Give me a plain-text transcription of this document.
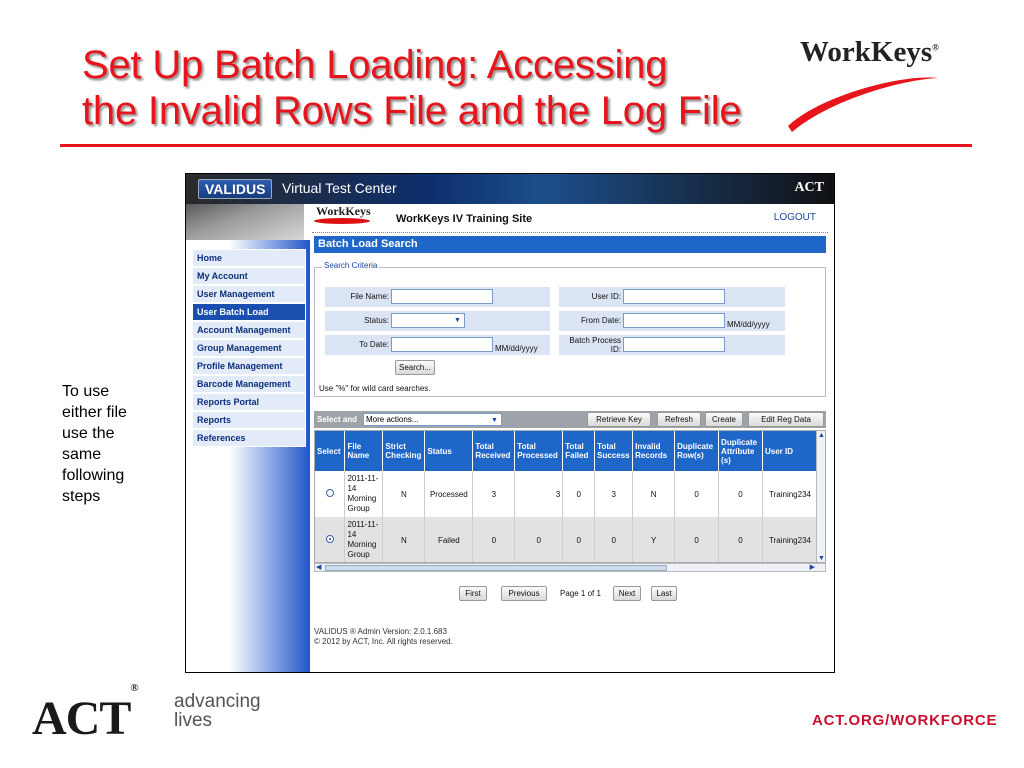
Set Up Batch Loading: Accessing
the Invalid Rows File and the Log File
WorkKeys®
To use
either file
use the
same
following
steps
VALIDUS	Virtual Test Center	ACT
WorkKeys
WorkKeys IV Training Site	LOGOUT
Home
My Account
User Management
User Batch Load
Account Management
Group Management
Profile Management
Barcode Management
Reports Portal
Reports
References
Batch Load Search
Search Criteria
File Name:
Status:	▼
To Date:	MM/dd/yyyy
User ID:
From Date:	MM/dd/yyyy
Batch Process
ID:
Search...
Use "%" for wild card searches.
Select and	More actions...	▼	Retrieve Key	Refresh	Create	Edit Reg Data
Select	File Name	Strict Checking	Status	Total Received	Total Processed	Total Failed	Total Success	Invalid Records	Duplicate Row(s)	Duplicate Attribute (s)	User ID
	2011-11-14 Morning Group	N	Processed	3	3	0	3	N	0	0	Training234
	2011-11-14 Morning Group	N	Failed	0	0	0	0	Y	0	0	Training234
▲
▼
◀	▶
First	Previous	Page 1 of 1	Next	Last
VALIDUS ® Admin Version: 2.0.1.683
© 2012 by ACT, Inc. All rights reserved.
ACT®
advancing
lives	ACT.ORG/WORKFORCE
